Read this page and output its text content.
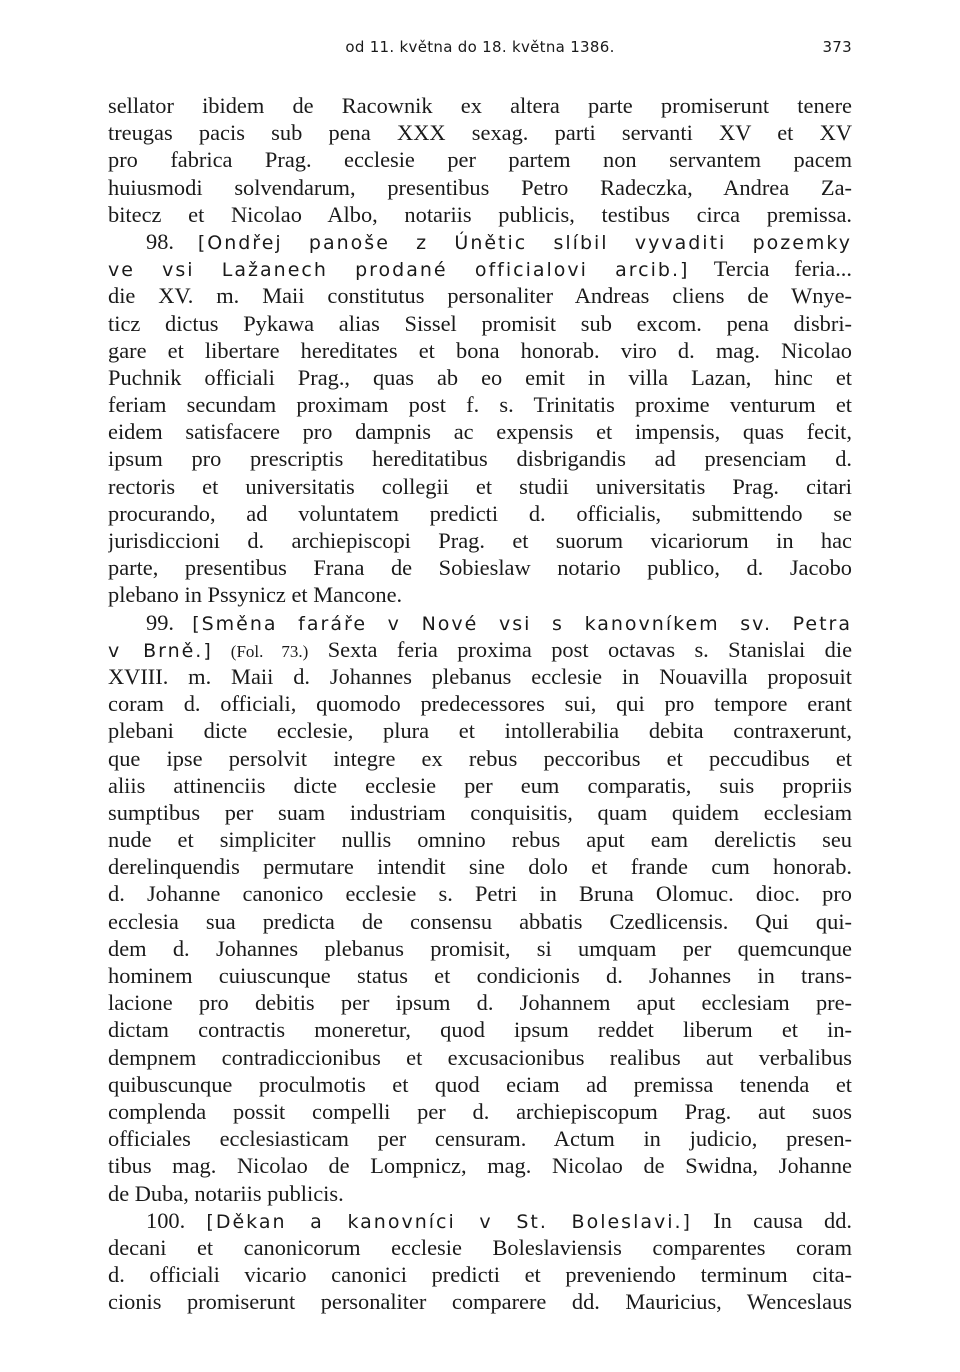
od 11. května do 18. května 1386.	373
sellator ibidem de Racownik ex altera parte promiserunt tenere
treugas pacis sub pena XXX sexag. parti servanti XV et XV
pro fabrica Prag. ecclesie per partem non servantem pacem
huiusmodi solvendarum, presentibus Petro Radeczka, Andrea Za-
bitecz et Nicolao Albo, notariis publicis, testibus circa premissa.
98. [Ondřej panoše z Únětic slíbil vyvaditi pozemky
ve vsi Lažanech prodané officialovi arcib.] Tercia feria...
die XV. m. Maii constitutus personaliter Andreas cliens de Wnye-
ticz dictus Pykawa alias Sissel promisit sub excom. pena disbri-
gare et libertare hereditates et bona honorab. viro d. mag. Nicolao
Puchnik officiali Prag., quas ab eo emit in villa Lazan, hinc et
feriam secundam proximam post f. s. Trinitatis proxime venturum et
eidem satisfacere pro dampnis ac expensis et impensis, quas fecit,
ipsum pro prescriptis hereditatibus disbrigandis ad presenciam d.
rectoris et universitatis collegii et studii universitatis Prag. citari
procurando, ad voluntatem predicti d. officialis, submittendo se
jurisdiccioni d. archiepiscopi Prag. et suorum vicariorum in hac
parte, presentibus Frana de Sobieslaw notario publico, d. Jacobo
plebano in Pssynicz et Mancone.
99. [Směna faráře v Nové vsi s kanovníkem sv. Petra
v Brně.] (Fol. 73.) Sexta feria proxima post octavas s. Stanislai die
XVIII. m. Maii d. Johannes plebanus ecclesie in Nouavilla proposuit
coram d. officiali, quomodo predecessores sui, qui pro tempore erant
plebani dicte ecclesie, plura et intollerabilia debita contraxerunt,
que ipse persolvit integre ex rebus peccoribus et peccudibus et
aliis attinenciis dicte ecclesie per eum comparatis, suis propriis
sumptibus per suam industriam conquisitis, quam quidem ecclesiam
nude et simpliciter nullis omnino rebus aput eam derelictis seu
derelinquendis permutare intendit sine dolo et frande cum honorab.
d. Johanne canonico ecclesie s. Petri in Bruna Olomuc. dioc. pro
ecclesia sua predicta de consensu abbatis Czedlicensis. Qui qui-
dem d. Johannes plebanus promisit, si umquam per quemcunque
hominem cuiuscunque status et condicionis d. Johannes in trans-
lacione pro debitis per ipsum d. Johannem aput ecclesiam pre-
dictam contractis moneretur, quod ipsum reddet liberum et in-
dempnem contradiccionibus et excusacionibus realibus aut verbalibus
quibuscunque proculmotis et quod eciam ad premissa tenenda et
complenda possit compelli per d. archiepiscopum Prag. aut suos
officiales ecclesiasticam per censuram. Actum in judicio, presen-
tibus mag. Nicolao de Lompnicz, mag. Nicolao de Swidna, Johanne
de Duba, notariis publicis.
100. [Děkan a kanovníci v St. Boleslavi.] In causa dd.
decani et canonicorum ecclesie Boleslaviensis comparentes coram
d. officiali vicario canonici predicti et preveniendo terminum cita-
cionis promiserunt personaliter comparere dd. Mauricius, Wenceslaus
